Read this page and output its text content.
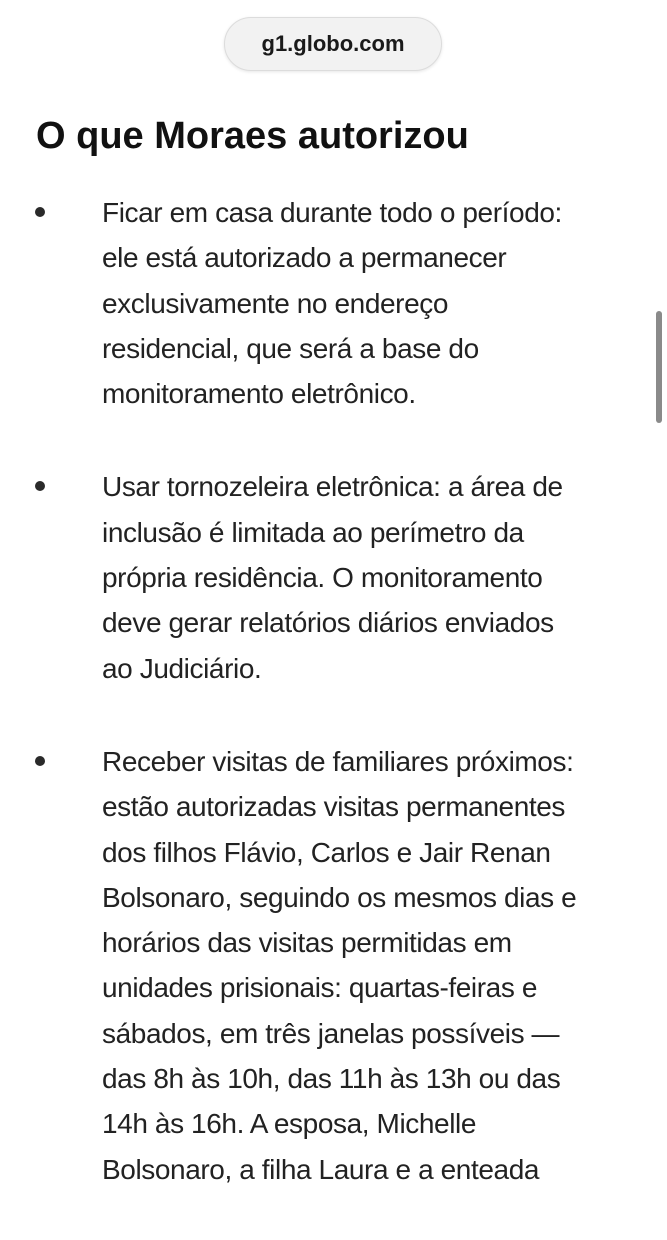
g1.globo.com
O que Moraes autorizou
Ficar em casa durante todo o período:
ele está autorizado a permanecer
exclusivamente no endereço
residencial, que será a base do
monitoramento eletrônico.
Usar tornozeleira eletrônica: a área de
inclusão é limitada ao perímetro da
própria residência. O monitoramento
deve gerar relatórios diários enviados
ao Judiciário.
Receber visitas de familiares próximos:
estão autorizadas visitas permanentes
dos filhos Flávio, Carlos e Jair Renan
Bolsonaro, seguindo os mesmos dias e
horários das visitas permitidas em
unidades prisionais: quartas-feiras e
sábados, em três janelas possíveis —
das 8h às 10h, das 11h às 13h ou das
14h às 16h. A esposa, Michelle
Bolsonaro, a filha Laura e a enteada
